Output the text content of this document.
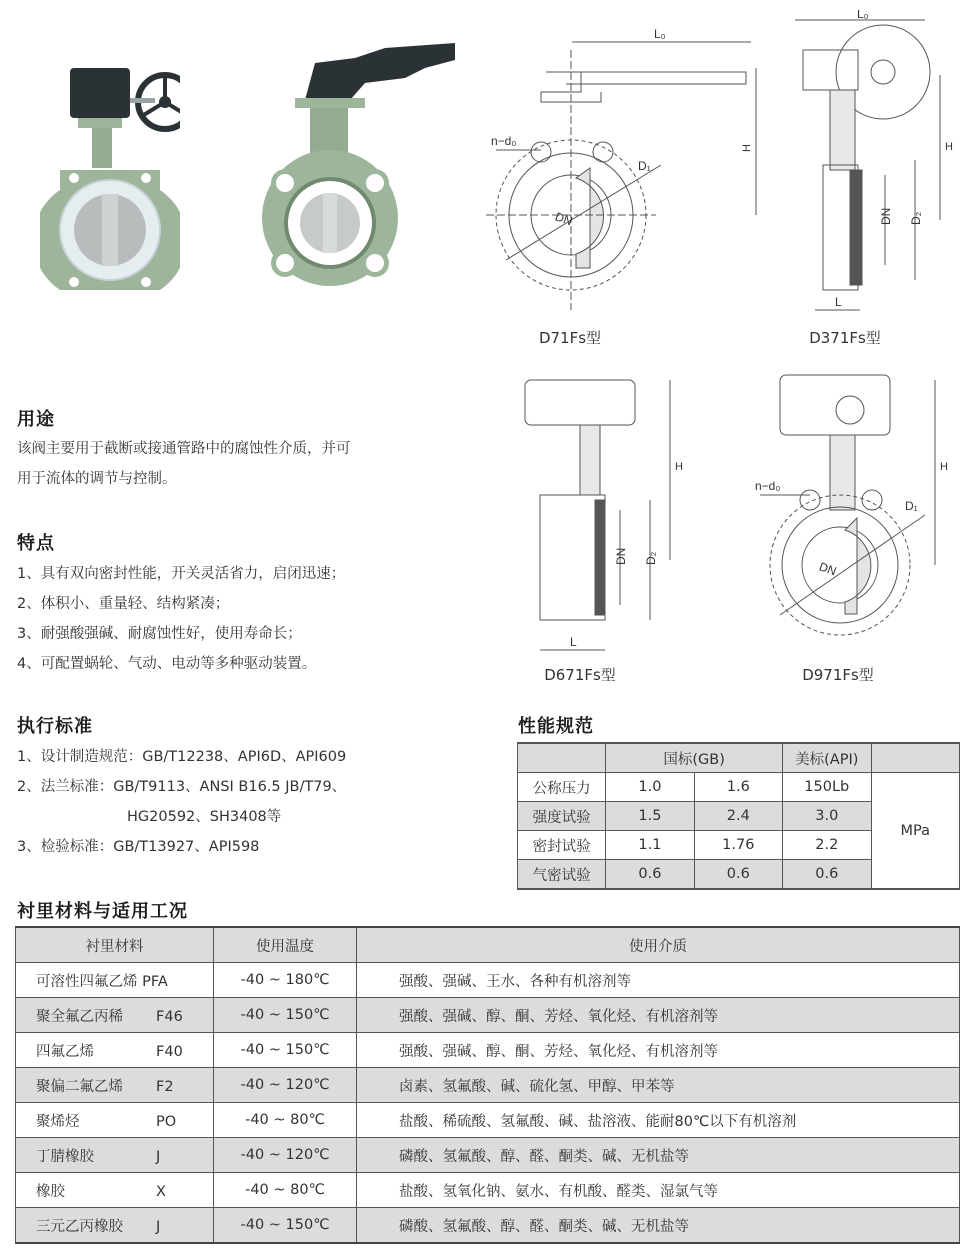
L₀
H
n−d₀
D₁
DN
L₀
H
DN D₂
L
D71Fs型	D371Fs型
H
DN D₂
L
H
n−d₀
D₁
DN
D671Fs型	D971Fs型
用途
该阀主要用于截断或接通管路中的腐蚀性介质，并可
用于流体的调节与控制。
特点
1、具有双向密封性能，开关灵活省力，启闭迅速；
2、体积小、重量轻、结构紧凑；
3、耐强酸强碱、耐腐蚀性好，使用寿命长；
4、可配置蜗轮、气动、电动等多种驱动装置。
执行标准
1、设计制造规范：GB/T12238、API6D、API609
2、法兰标准：GB/T9113、ANSI B16.5 JB/T79、
HG20592、SH3408等
3、检验标准：GB/T13927、API598
性能规范
	国标(GB)		美标(API)	
公称压力	1.0	1.6	150Lb	MPa
强度试验	1.5	2.4	3.0	
密封试验	1.1	1.76	2.2	
气密试验	0.6	0.6	0.6	
衬里材料与适用工况
衬里材料	使用温度	使用介质
可溶性四氟乙烯 PFA	-40 ~ 180℃	强酸、强碱、王水、各种有机溶剂等
聚全氟乙丙稀 F46	-40 ~ 150℃	强酸、强碱、醇、酮、芳烃、氧化烃、有机溶剂等
四氟乙烯 F40	-40 ~ 150℃	强酸、强碱、醇、酮、芳烃、氧化烃、有机溶剂等
聚偏二氟乙烯 F2	-40 ~ 120℃	卤素、氢氟酸、碱、硫化氢、甲醇、甲苯等
聚烯烃 PO	-40 ~ 80℃	盐酸、稀硫酸、氢氟酸、碱、盐溶液、能耐80℃以下有机溶剂
丁腈橡胶 J	-40 ~ 120℃	磷酸、氢氟酸、醇、醛、酮类、碱、无机盐等
橡胶 X	-40 ~ 80℃	盐酸、氢氧化钠、氨水、有机酸、醛类、湿氯气等
三元乙丙橡胶 J	-40 ~ 150℃	磷酸、氢氟酸、醇、醛、酮类、碱、无机盐等
